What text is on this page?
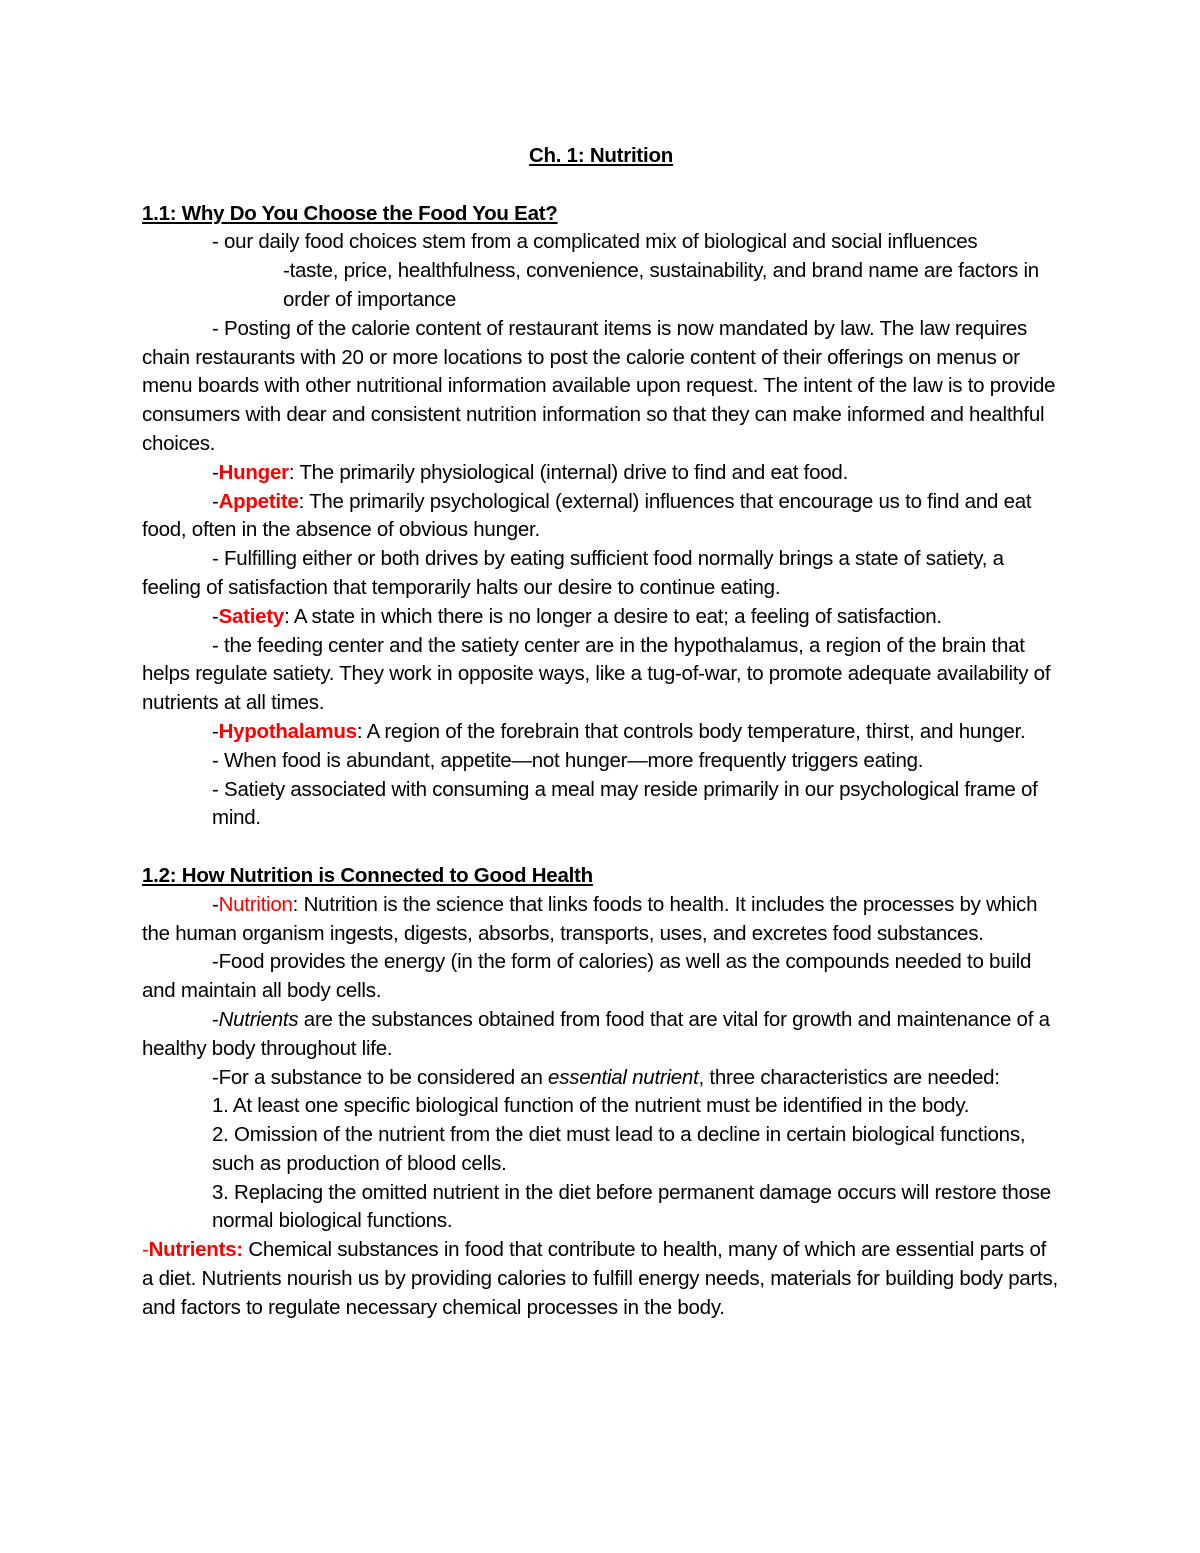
Ch. 1: Nutrition
1.1: Why Do You Choose the Food You Eat?
- our daily food choices stem from a complicated mix of biological and social influences
-taste, price, healthfulness, convenience, sustainability, and brand name are factors in order of importance
- Posting of the calorie content of restaurant items is now mandated by law. The law requires chain restaurants with 20 or more locations to post the calorie content of their offerings on menus or menu boards with other nutritional information available upon request. The intent of the law is to provide consumers with dear and consistent nutrition information so that they can make informed and healthful choices.
-Hunger: The primarily physiological (internal) drive to find and eat food.
-Appetite: The primarily psychological (external) influences that encourage us to find and eat food, often in the absence of obvious hunger.
- Fulfilling either or both drives by eating sufficient food normally brings a state of satiety, a feeling of satisfaction that temporarily halts our desire to continue eating.
-Satiety: A state in which there is no longer a desire to eat; a feeling of satisfaction.
- the feeding center and the satiety center are in the hypothalamus, a region of the brain that helps regulate satiety. They work in opposite ways, like a tug-of-war, to promote adequate availability of nutrients at all times.
-Hypothalamus: A region of the forebrain that controls body temperature, thirst, and hunger.
- When food is abundant, appetite—not hunger—more frequently triggers eating.
- Satiety associated with consuming a meal may reside primarily in our psychological frame of mind.
1.2: How Nutrition is Connected to Good Health
-Nutrition: Nutrition is the science that links foods to health. It includes the processes by which the human organism ingests, digests, absorbs, transports, uses, and excretes food substances.
-Food provides the energy (in the form of calories) as well as the compounds needed to build and maintain all body cells.
-Nutrients are the substances obtained from food that are vital for growth and maintenance of a healthy body throughout life.
-For a substance to be considered an essential nutrient, three characteristics are needed:
1. At least one specific biological function of the nutrient must be identified in the body.
2. Omission of the nutrient from the diet must lead to a decline in certain biological functions, such as production of blood cells.
3. Replacing the omitted nutrient in the diet before permanent damage occurs will restore those normal biological functions.
-Nutrients: Chemical substances in food that contribute to health, many of which are essential parts of a diet. Nutrients nourish us by providing calories to fulfill energy needs, materials for building body parts, and factors to regulate necessary chemical processes in the body.
